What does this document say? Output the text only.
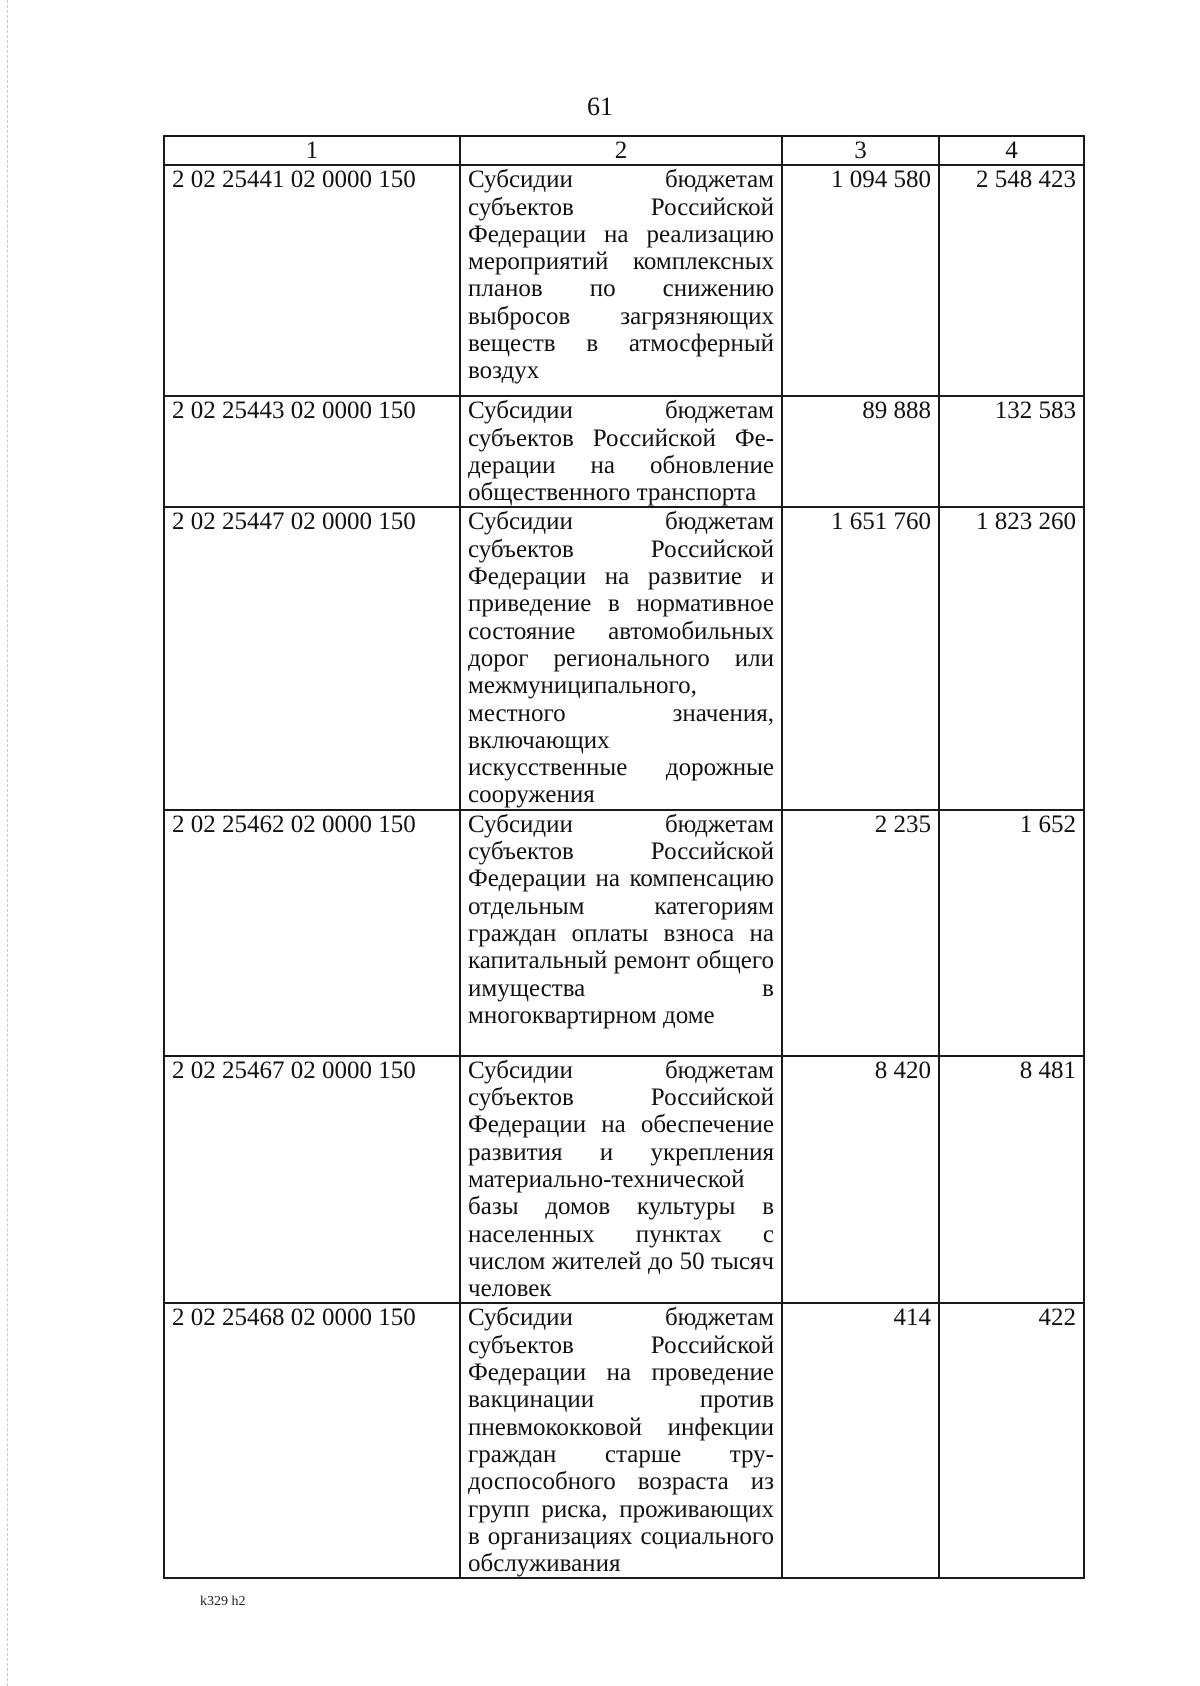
61
1	2	3	4
2 02 25441 02 0000 150	Субсидии бюджетам субъектов Российской Федерации на реализацию мероприятий комплексных планов по снижению выбросов загрязняющих веществ в атмосферный воздух	1 094 580	2 548 423
2 02 25443 02 0000 150	Субсидии бюджетам субъектов Российской Федерации на обновление общественного транспорта	89 888	132 583
2 02 25447 02 0000 150	Субсидии бюджетам субъектов Российской Федерации на развитие и приведение в нормативное состояние автомобильных дорог регионального или межмуниципального, местного значения, включающих искусственные дорожные сооружения	1 651 760	1 823 260
2 02 25462 02 0000 150	Субсидии бюджетам субъектов Российской Федерации на компенсацию отдельным категориям граждан оплаты взноса на капитальный ремонт общего имущества в многоквартирном доме	2 235	1 652
2 02 25467 02 0000 150	Субсидии бюджетам субъектов Российской Федерации на обеспечение развития и укрепления материально-технической базы домов культуры в населенных пунктах с числом жителей до 50 тысяч человек	8 420	8 481
2 02 25468 02 0000 150	Субсидии бюджетам субъектов Российской Федерации на проведение вакцинации против пневмококковой инфекции граждан старше трудоспособного возраста из групп риска, проживающих в организациях социального обслуживания	414	422
k329 h2
